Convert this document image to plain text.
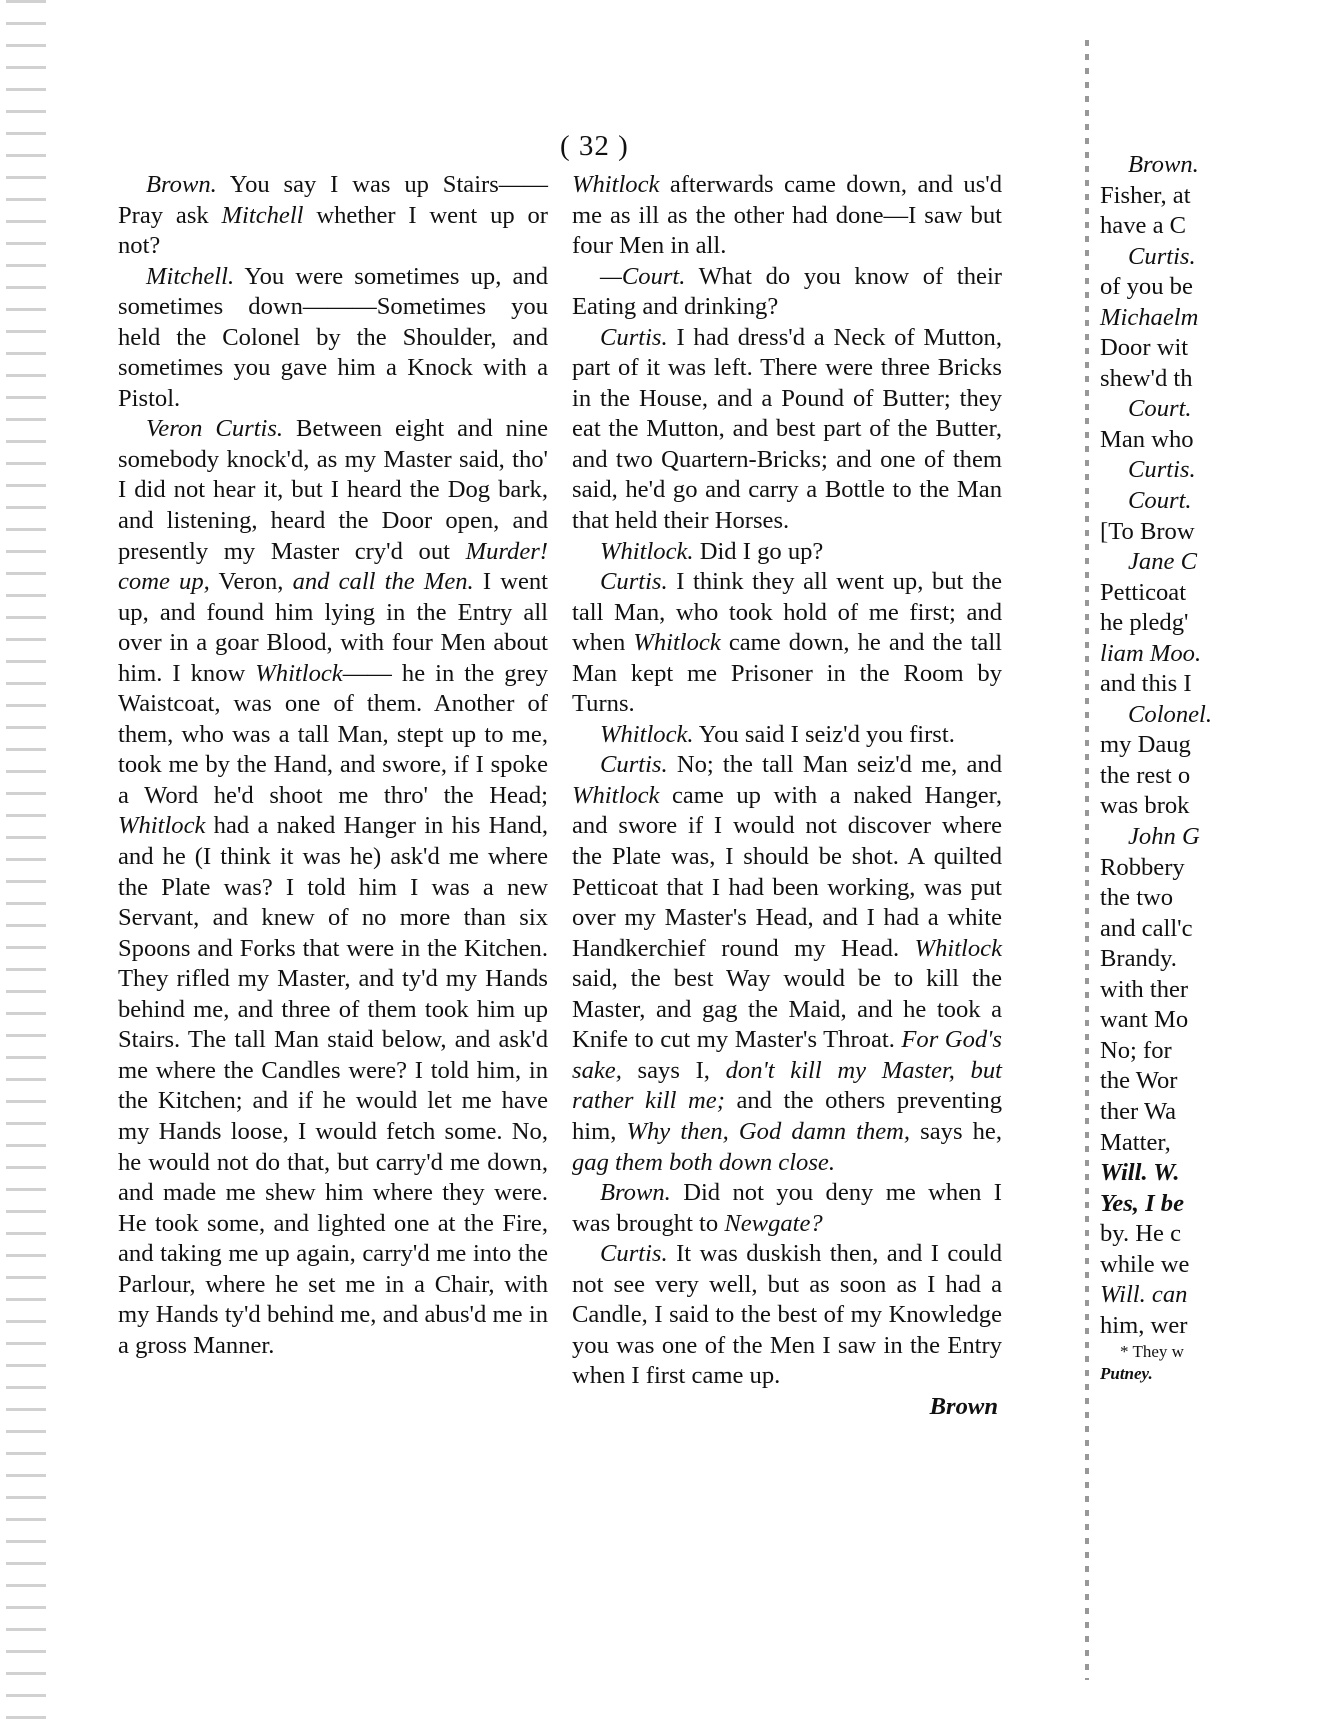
( 32 )

Brown. You say I was up Stairs—— Pray ask Mitchell whether I went up or not?

Mitchell. You were sometimes up, and sometimes down———Sometimes you held the Colonel by the Shoulder, and sometimes you gave him a Knock with a Pistol.

Veron Curtis. Between eight and nine somebody knock'd, as my Master said, tho' I did not hear it, but I heard the Dog bark, and listening, heard the Door open, and presently my Master cry'd out Murder! come up, Veron, and call the Men. I went up, and found him lying in the Entry all over in a goar Blood, with four Men about him. I know Whitlock—— he in the grey Waistcoat, was one of them. Another of them, who was a tall Man, stept up to me, took me by the Hand, and swore, if I spoke a Word he'd shoot me thro' the Head; Whitlock had a naked Hanger in his Hand, and he (I think it was he) ask'd me where the Plate was? I told him I was a new Servant, and knew of no more than six Spoons and Forks that were in the Kitchen. They rifled my Master, and ty'd my Hands behind me, and three of them took him up Stairs. The tall Man staid below, and ask'd me where the Candles were? I told him, in the Kitchen; and if he would let me have my Hands loose, I would fetch some. No, he would not do that, but carry'd me down, and made me shew him where they were. He took some, and lighted one at the Fire, and taking me up again, carry'd me into the Parlour, where he set me in a Chair, with my Hands ty'd behind me, and abus'd me in a gross Manner.

Whitlock afterwards came down, and us'd me as ill as the other had done—I saw but four Men in all.

—Court. What do you know of their Eating and drinking?

Curtis. I had dress'd a Neck of Mutton, part of it was left. There were three Bricks in the House, and a Pound of Butter; they eat the Mutton, and best part of the Butter, and two Quartern-Bricks; and one of them said, he'd go and carry a Bottle to the Man that held their Horses.

Whitlock. Did I go up?

Curtis. I think they all went up, but the tall Man, who took hold of me first; and when Whitlock came down, he and the tall Man kept me Prisoner in the Room by Turns.

Whitlock. You said I seiz'd you first.

Curtis. No; the tall Man seiz'd me, and Whitlock came up with a naked Hanger, and swore if I would not discover where the Plate was, I should be shot. A quilted Petticoat that I had been working, was put over my Master's Head, and I had a white Handkerchief round my Head. Whitlock said, the best Way would be to kill the Master, and gag the Maid, and he took a Knife to cut my Master's Throat. For God's sake, says I, don't kill my Master, but rather kill me; and the others preventing him, Why then, God damn them, says he, gag them both down close.

Brown. Did not you deny me when I was brought to Newgate?

Curtis. It was duskish then, and I could not see very well, but as soon as I had a Candle, I said to the best of my Knowledge you was one of the Men I saw in the Entry when I first came up.

Brown

Brown.
Fisher, at
have a C
Curtis.
of you be
Michaelm
Door wit
shew'd th
Court.
Man who
Curtis.
Court.
[To Brow
Jane C
Petticoat
he pledg'
liam Moo.
and this I
Colonel.
my Daug
the rest o
was brok
John G
Robbery
the two
and call'c
Brandy.
with ther
want Mo
No; for
the Wor
ther Wa
Matter,
Will. W.
Yes, I be
by. He c
while we
Will. can
him, wer
* They w
Putney.
